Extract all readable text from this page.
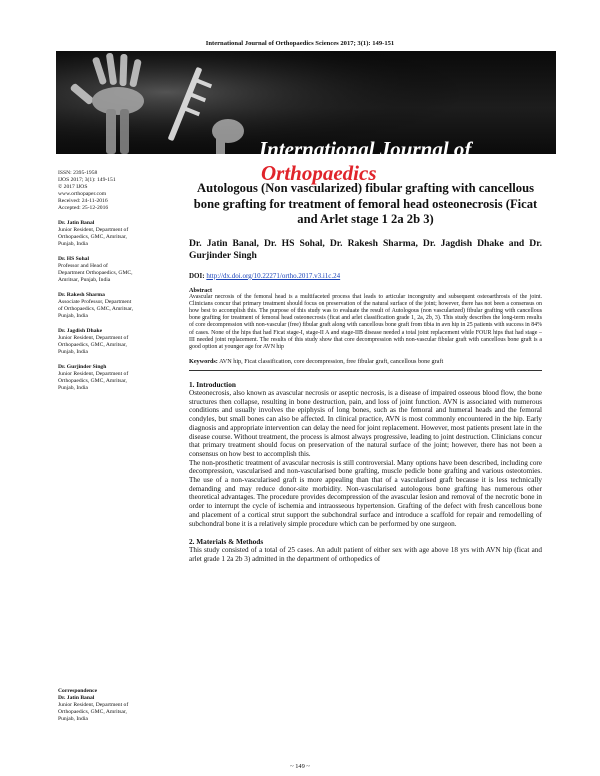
International Journal of Orthopaedics Sciences 2017; 3(1): 149-151
International Journal of
Orthopaedics Sciences
ISSN: 2395-1958
IJOS 2017; 3(1): 149-151
© 2017 IJOS
www.orthopaper.com
Received: 24-11-2016
Accepted: 25-12-2016
Dr. Jatin Banal
Junior Resident, Department of
Orthopaedics, GMC, Amritsar,
Punjab, India
Dr. HS Sohal
Professor and Head of
Department Orthopaedics, GMC,
Amritsar, Punjab, India
Dr. Rakesh Sharma
Associate Professor, Department
of Orthopaedics, GMC, Amritsar,
Punjab, India
Dr. Jagdish Dhake
Junior Resident, Department of
Orthopaedics, GMC, Amritsar,
Punjab, India
Dr. Gurjinder Singh
Junior Resident, Department of
Orthopaedics, GMC, Amritsar,
Punjab, India
Correspondence
Dr. Jatin Banal
Junior Resident, Department of
Orthopaedics, GMC, Amritsar,
Punjab, India
Autologous (Non vascularized) fibular grafting with cancellous bone grafting for treatment of femoral head osteonecrosis (Ficat and Arlet stage 1 2a 2b 3)
Dr. Jatin Banal, Dr. HS Sohal, Dr. Rakesh Sharma, Dr. Jagdish Dhake and Dr. Gurjinder Singh
DOI: http://dx.doi.org/10.22271/ortho.2017.v3.i1c.24
Abstract
Avascular necrosis of the femoral head is a multifaceted process that leads to articular incongruity and subsequent osteoarthrosis of the joint. Clinicians concur that primary treatment should focus on preservation of the natural surface of the joint; however, there has not been a consensus on how best to accomplish this. The purpose of this study was to evaluate the result of Autologous (non vascularized) fibular grafting with cancellous bone grafting for treatment of femoral head osteonecrosis (ficat and arlet classification grade 1, 2a, 2b, 3). This study describes the long-term results of core decompression with non-vascular (free) fibular graft along with cancellous bone graft from tibia in avn hip in 25 patients with success in 84% of cases. None of the hips that had Ficat stage-I, stage-II A and stage-IIB disease needed a total joint replacement while FOUR hips that had stage –III needed joint replacement. The results of this study show that core decompression with non-vascular fibular graft with cancellous bone graft is a good option at younger age for AVN hip
Keywords: AVN hip, Ficat classification, core decompression, free fibular graft, cancellous bone graft
1. Introduction
Osteonecrosis, also known as avascular necrosis or aseptic necrosis, is a disease of impaired osseous blood flow, the bone structures then collapse, resulting in bone destruction, pain, and loss of joint function. AVN is associated with numerous conditions and usually involves the epiphysis of long bones, such as the femoral and humeral heads and the femoral condyles, but small bones can also be affected. In clinical practice, AVN is most commonly encountered in the hip. Early diagnosis and appropriate intervention can delay the need for joint replacement. However, most patients present late in the disease course. Without treatment, the process is almost always progressive, leading to joint destruction. Clinicians concur that primary treatment should focus on preservation of the natural surface of the joint; however, there has not been a consensus on how best to accomplish this.
The non-prosthetic treatment of avascular necrosis is still controversial. Many options have been described, including core decompression, vascularised and non-vascularised bone grafting, muscle pedicle bone grafting and various osteotomies. The use of a non-vascularised graft is more appealing than that of a vascularised graft because it is less technically demanding and may reduce donor-site morbidity. Non-vascularised autologous bone grafting has numerous other theoretical advantages. The procedure provides decompression of the avascular lesion and removal of the necrotic bone in order to interrupt the cycle of ischemia and intraosseous hypertension. Grafting of the defect with fresh cancellous bone and placement of a cortical strut support the subchondral surface and introduce a scaffold for repair and remodelling of subchondral bone it is a relatively simple procedure which can be performed by one surgeon.
2. Materials & Methods
This study consisted of a total of 25 cases. An adult patient of either sex with age above 18 yrs with AVN hip (ficat and arlet grade 1 2a 2b 3) admitted in the department of orthopedics of
~ 149 ~
